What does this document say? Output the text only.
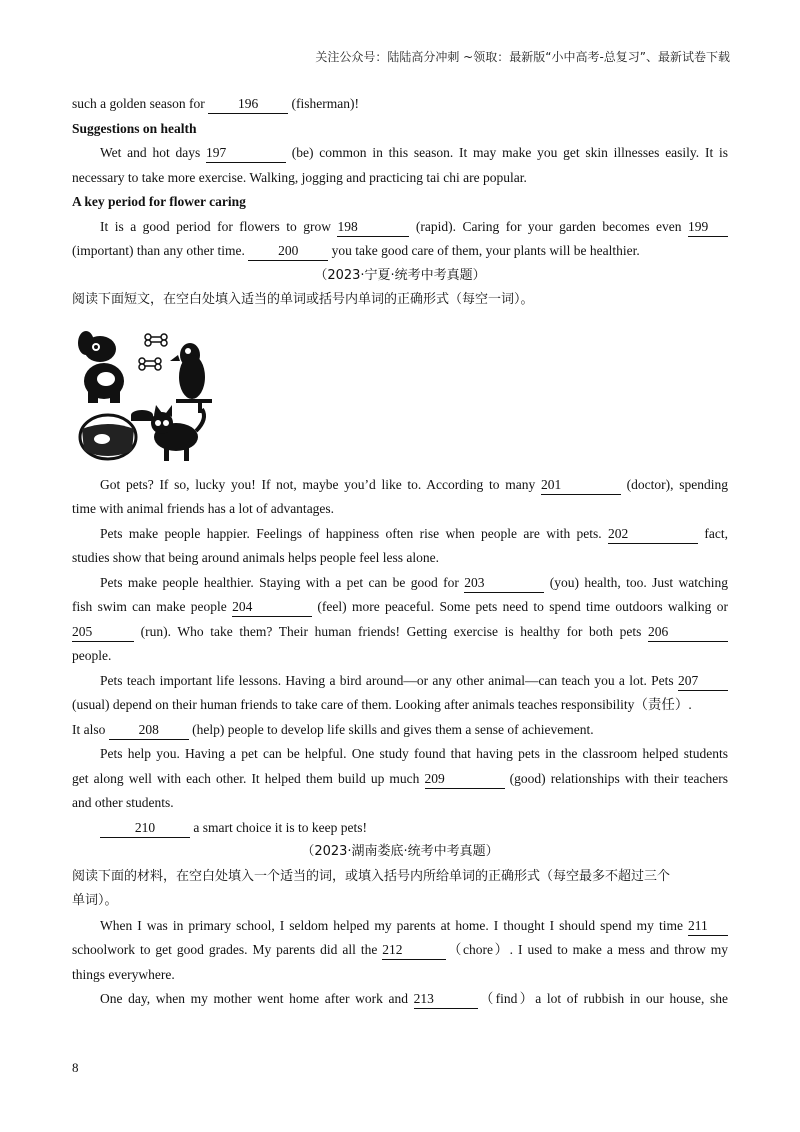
关注公众号：陆陆高分冲刺 ~领取：最新版“小中高考-总复习”、最新试卷下载
such a golden season for 196 (fisherman)!
Suggestions on health
Wet and hot days 197	(be) common in this season. It may make you get skin illnesses easily. It is
necessary to take more exercise. Walking, jogging and practicing tai chi are popular.
A key period for flower caring
It is a good period for flowers to grow 198	(rapid). Caring for your garden becomes even 199
(important) than any other time. 200 you take good care of them, your plants will be healthier.
（2023·宁夏·统考中考真题）
阅读下面短文，在空白处填入适当的单词或括号内单词的正确形式（每空一词）。
Got pets? If so, lucky you! If not, maybe you’d like to. According to many 201	(doctor), spending
time with animal friends has a lot of advantages.
Pets make people happier. Feelings of happiness often rise when people are with pets. 202	fact,
studies show that being around animals helps people feel less alone.
Pets make people healthier. Staying with a pet can be good for 203	(you) health, too. Just watching
fish swim can make people 204	(feel) more peaceful. Some pets need to spend time outdoors walking or
205	(run). Who take them? Their human friends! Getting exercise is healthy for both pets 206
people.
Pets teach important life lessons. Having a bird around—or any other animal—can teach you a lot. Pets 207
(usual) depend on their human friends to take care of them. Looking after animals teaches responsibility（责任）.
It also 208 (help) people to develop life skills and gives them a sense of achievement.
Pets help you. Having a pet can be helpful. One study found that having pets in the classroom helped students
get along well with each other. It helped them build up much 209	(good) relationships with their teachers
and other students.
210	a smart choice it is to keep pets!
（2023·湖南娄底·统考中考真题）
阅读下面的材料，在空白处填入一个适当的词，或填入括号内所给单词的正确形式（每空最多不超过三个
单词）。
When I was in primary school, I seldom helped my parents at home. I thought I should spend my time 211
schoolwork to get good grades. My parents did all the 212	（chore）. I used to make a mess and throw my
things everywhere.
One day, when my mother went home after work and 213	（find）a lot of rubbish in our house, she
8
